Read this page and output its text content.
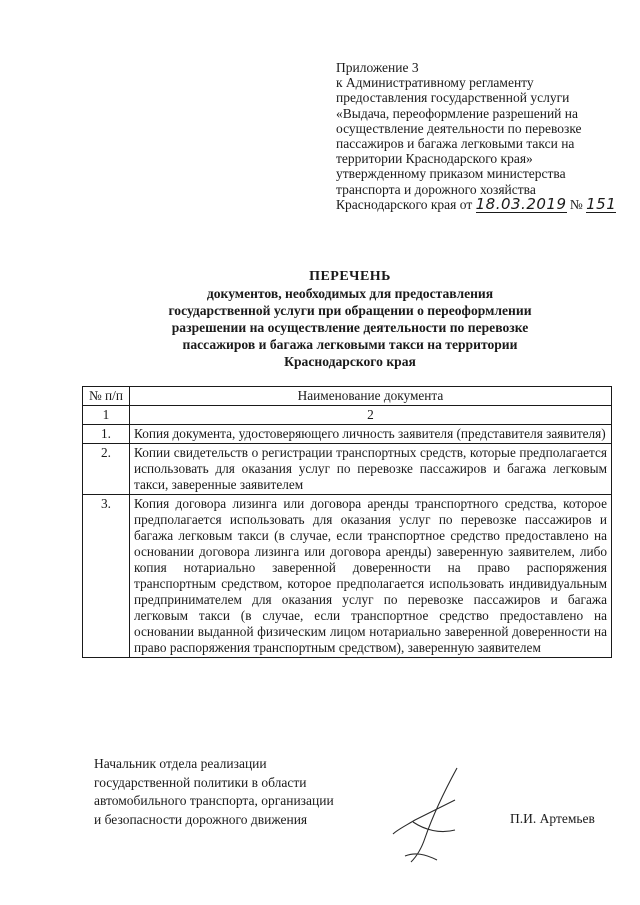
Приложение 3
к Административному регламенту
предоставления государственной услуги
«Выдача, переоформление разрешений на
осуществление деятельности по перевозке
пассажиров и багажа легковыми такси на
территории Краснодарского края»
утвержденному приказом министерства
транспорта и дорожного хозяйства
Краснодарского края от 18.03.2019 № 151
ПЕРЕЧЕНЬ
документов, необходимых для предоставления
государственной услуги при обращении о переоформлении
разрешении на осуществление деятельности по перевозке
пассажиров и багажа легковыми такси на территории
Краснодарского края
№ п/п	Наименование документа
1	2
1.	Копия документа, удостоверяющего личность заявителя (представителя заявителя)
2.	Копии свидетельств о регистрации транспортных средств, которые предполагается использовать для оказания услуг по перевозке пассажиров и багажа легковым такси, заверенные заявителем
3.	Копия договора лизинга или договора аренды транспортного средства, которое предполагается использовать для оказания услуг по перевозке пассажиров и багажа легковым такси (в случае, если транспортное средство предоставлено на основании договора лизинга или договора аренды) заверенную заявителем, либо копия нотариально заверенной доверенности на право распоряжения транспортным средством, которое предполагается использовать индивидуальным предпринимателем для оказания услуг по перевозке пассажиров и багажа легковым такси (в случае, если транспортное средство предоставлено на основании выданной физическим лицом нотариально заверенной доверенности на право распоряжения транспортным средством), заверенную заявителем
Начальник отдела реализации
государственной политики в области
автомобильного транспорта, организации
и безопасности дорожного движения	П.И. Артемьев
